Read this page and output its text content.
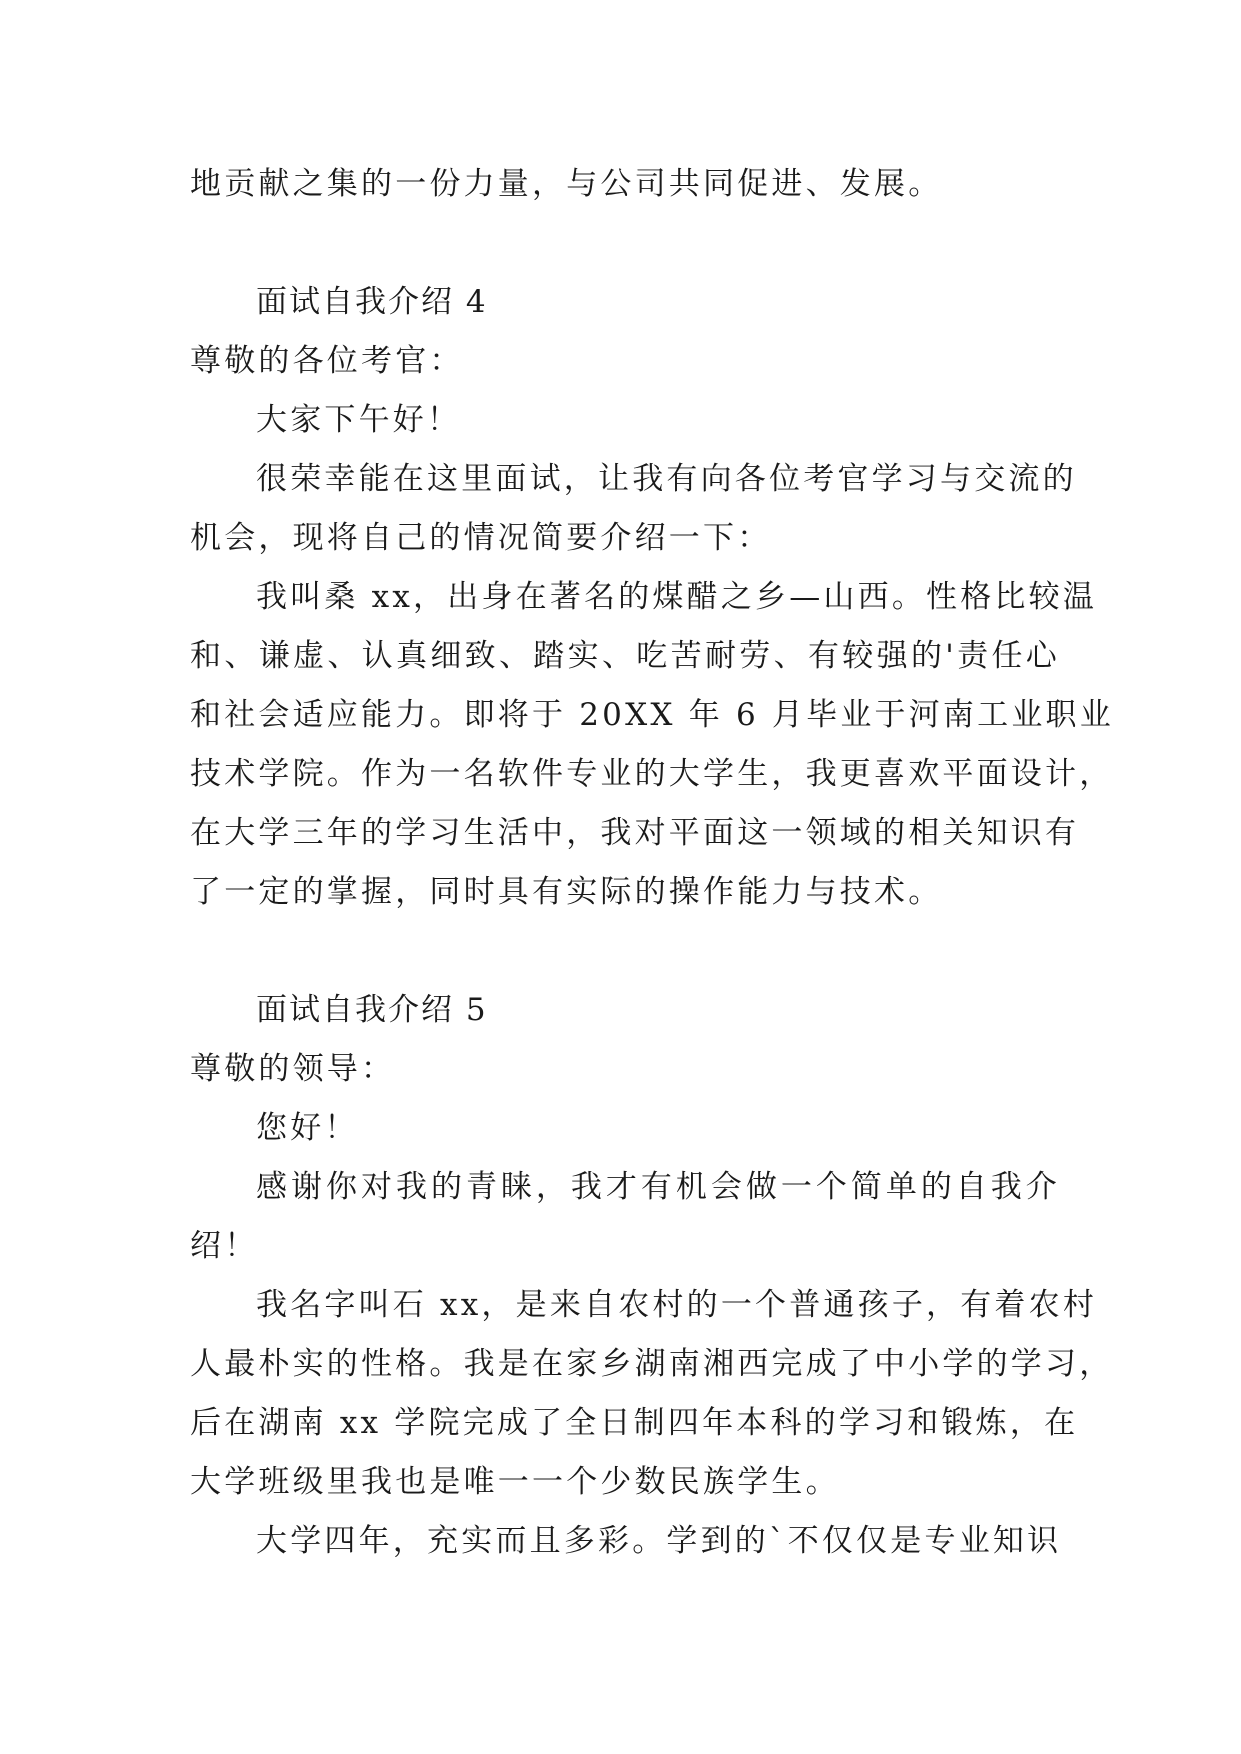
地贡献之集的一份力量，与公司共同促进、发展。
面试自我介绍 4
尊敬的各位考官：
大家下午好！
很荣幸能在这里面试，让我有向各位考官学习与交流的
机会，现将自己的情况简要介绍一下：
我叫桑 xx，出身在著名的煤醋之乡—山西。性格比较温
和、谦虚、认真细致、踏实、吃苦耐劳、有较强的'责任心
和社会适应能力。即将于 20XX 年 6 月毕业于河南工业职业
技术学院。作为一名软件专业的大学生，我更喜欢平面设计，
在大学三年的学习生活中，我对平面这一领域的相关知识有
了一定的掌握，同时具有实际的操作能力与技术。
面试自我介绍 5
尊敬的领导：
您好！
感谢你对我的青睐，我才有机会做一个简单的自我介
绍！
我名字叫石 xx，是来自农村的一个普通孩子，有着农村
人最朴实的性格。我是在家乡湖南湘西完成了中小学的学习，
后在湖南 xx 学院完成了全日制四年本科的学习和锻炼，在
大学班级里我也是唯一一个少数民族学生。
大学四年，充实而且多彩。学到的`不仅仅是专业知识
